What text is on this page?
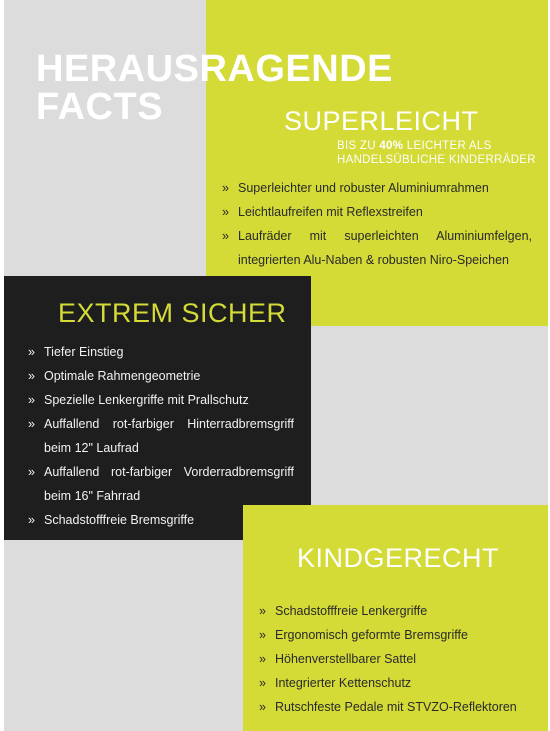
HERAUSRAGENDE
FACTS	SUPERLEICHT
BIS ZU 40% LEICHTER ALS HANDELSÜBLICHE KINDERRÄDER
» Superleichter und robuster Aluminiumrahmen
» Leichtlaufreifen mit Reflexstreifen
» Laufräder mit superleichten Aluminiumfelgen, integrierten Alu-Naben & robusten Niro-Speichen
EXTREM SICHER
» Tiefer Einstieg
» Optimale Rahmengeometrie
» Spezielle Lenkergriffe mit Prallschutz
» Auffallend rot-farbiger Hinterradbremsgriff beim 12" Laufrad
» Auffallend rot-farbiger Vorderradbremsgriff beim 16" Fahrrad
» Schadstofffreie Bremsgriffe
KINDGERECHT
» Schadstofffreie Lenkergriffe
» Ergonomisch geformte Bremsgriffe
» Höhenverstellbarer Sattel
» Integrierter Kettenschutz
» Rutschfeste Pedale mit STVZO-Reflektoren
